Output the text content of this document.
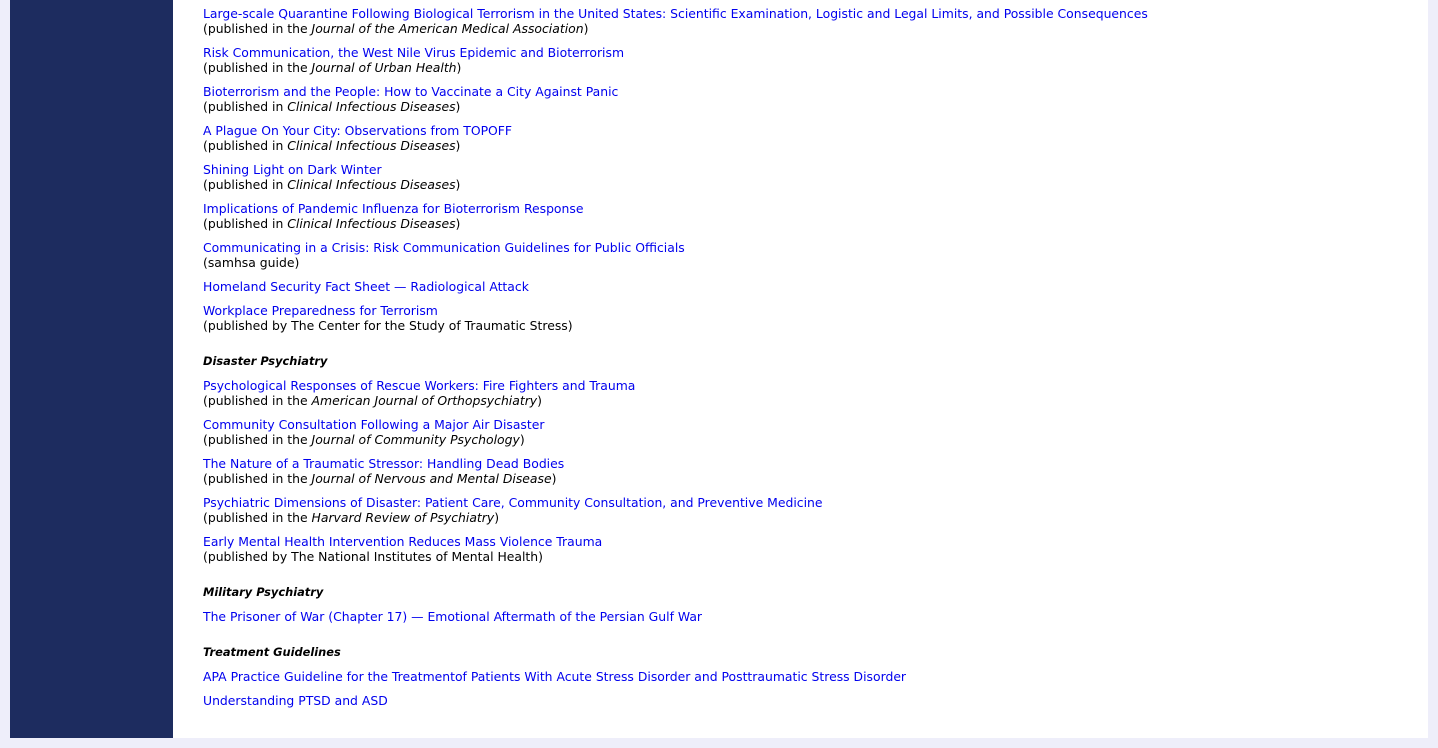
Large-scale Quarantine Following Biological Terrorism in the United States: Scientific Examination, Logistic and Legal Limits, and Possible Consequences
(published in the Journal of the American Medical Association)
Risk Communication, the West Nile Virus Epidemic and Bioterrorism
(published in the Journal of Urban Health)
Bioterrorism and the People: How to Vaccinate a City Against Panic
(published in Clinical Infectious Diseases)
A Plague On Your City: Observations from TOPOFF
(published in Clinical Infectious Diseases)
Shining Light on Dark Winter
(published in Clinical Infectious Diseases)
Implications of Pandemic Influenza for Bioterrorism Response
(published in Clinical Infectious Diseases)
Communicating in a Crisis: Risk Communication Guidelines for Public Officials
(samhsa guide)
Homeland Security Fact Sheet — Radiological Attack
Workplace Preparedness for Terrorism
(published by The Center for the Study of Traumatic Stress)
Disaster Psychiatry
Psychological Responses of Rescue Workers: Fire Fighters and Trauma
(published in the American Journal of Orthopsychiatry)
Community Consultation Following a Major Air Disaster
(published in the Journal of Community Psychology)
The Nature of a Traumatic Stressor: Handling Dead Bodies
(published in the Journal of Nervous and Mental Disease)
Psychiatric Dimensions of Disaster: Patient Care, Community Consultation, and Preventive Medicine
(published in the Harvard Review of Psychiatry)
Early Mental Health Intervention Reduces Mass Violence Trauma
(published by The National Institutes of Mental Health)
Military Psychiatry
The Prisoner of War (Chapter 17) — Emotional Aftermath of the Persian Gulf War
Treatment Guidelines
APA Practice Guideline for the Treatmentof Patients With Acute Stress Disorder and Posttraumatic Stress Disorder
Understanding PTSD and ASD
